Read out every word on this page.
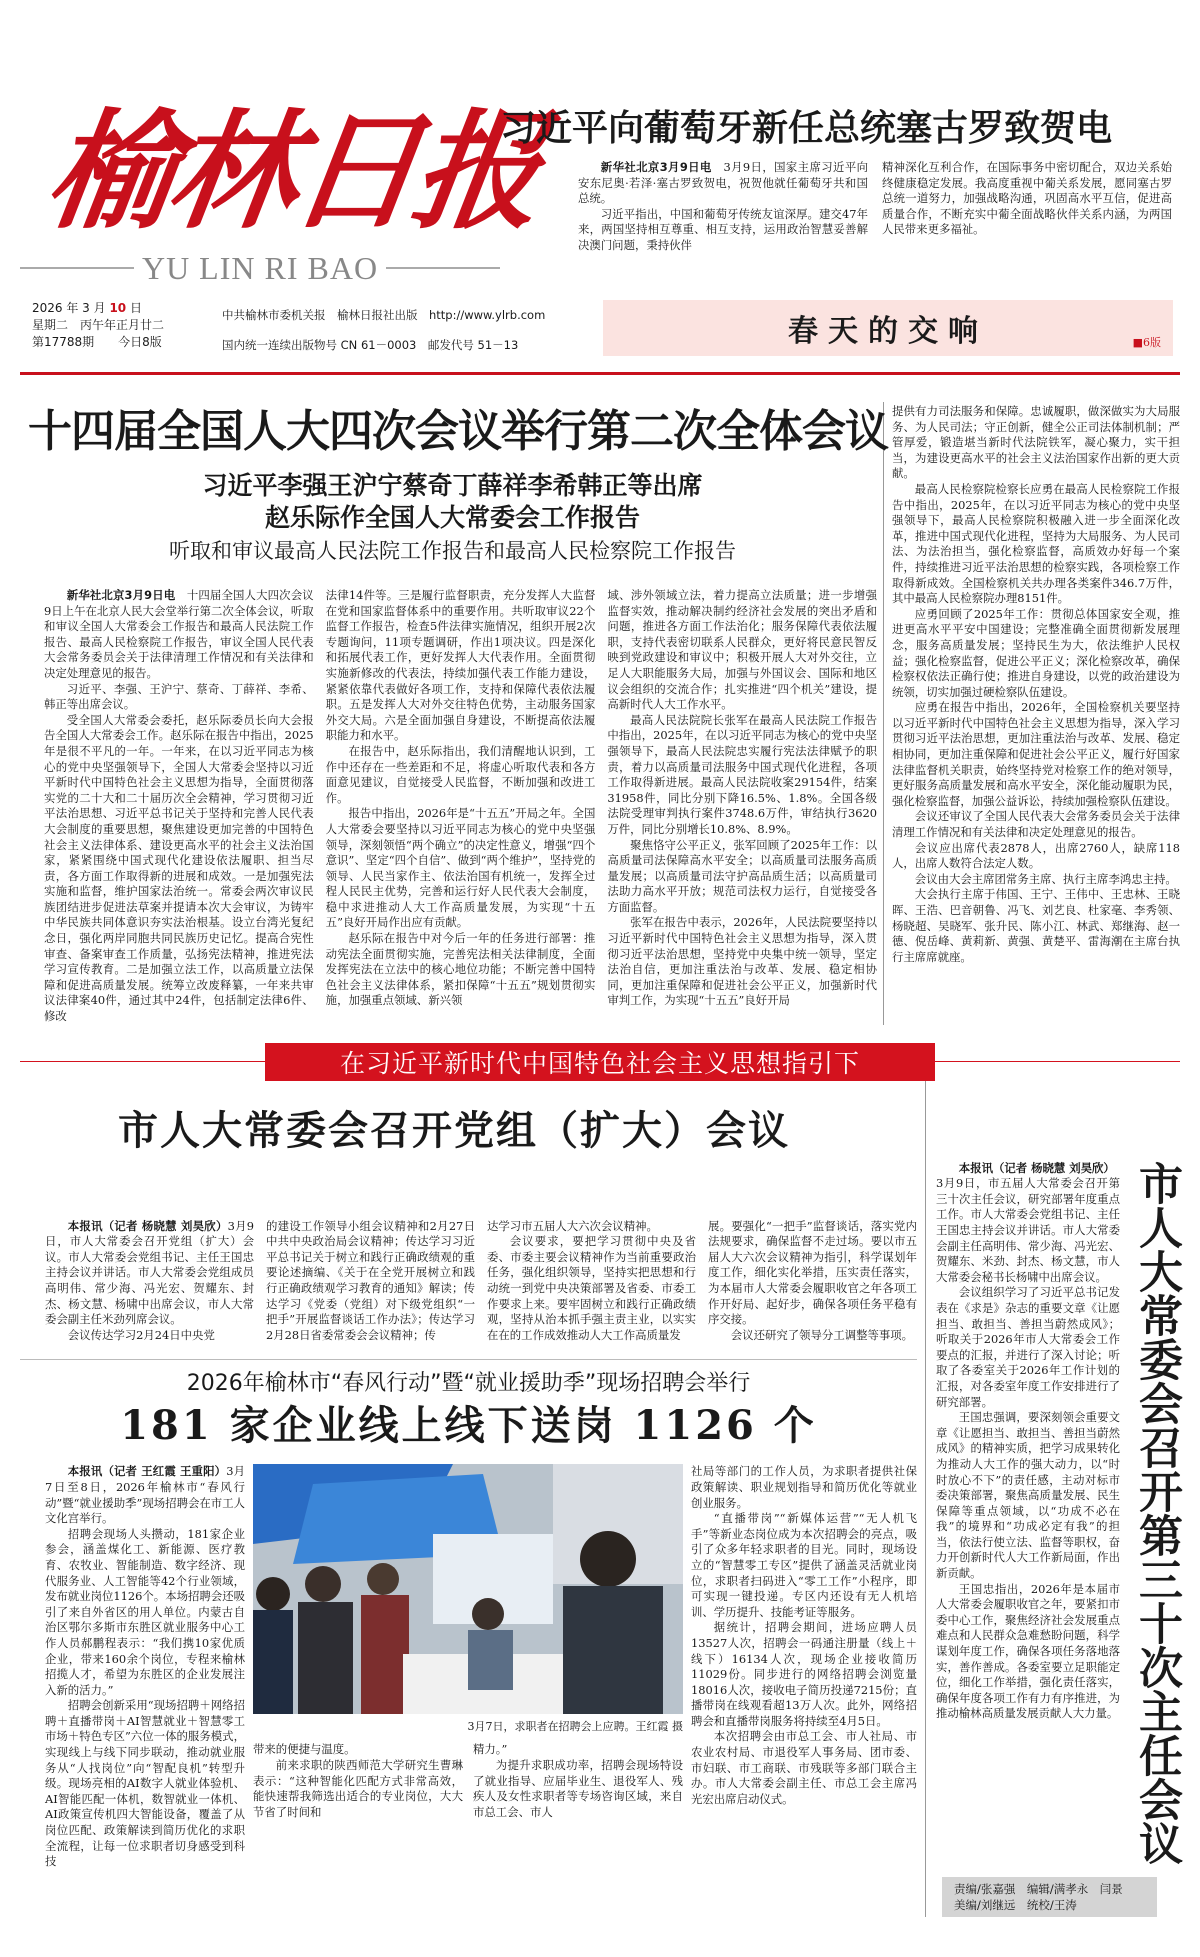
榆林日报
YU LIN RI BAO
习近平向葡萄牙新任总统塞古罗致贺电

新华社北京3月9日电　3月9日，国家主席习近平向安东尼奥·若泽·塞古罗致贺电，祝贺他就任葡萄牙共和国总统。

习近平指出，中国和葡萄牙传统友谊深厚。建交47年来，两国坚持相互尊重、相互支持，运用政治智慧妥善解决澳门问题，秉持伙伴

精神深化互利合作，在国际事务中密切配合，双边关系始终健康稳定发展。我高度重视中葡关系发展，愿同塞古罗总统一道努力，加强战略沟通，巩固高水平互信，促进高质量合作，不断充实中葡全面战略伙伴关系内涵，为两国人民带来更多福祉。

2026 年 3 月 10 日
星期二　丙午年正月廿二
第17788期　　今日8版
中共榆林市委机关报　榆林日报社出版　http://www.ylrb.com
国内统一连续出版物号 CN 61－0003　邮发代号 51－13	春天的交响	■6版
十四届全国人大四次会议举行第二次全体会议
习近平李强王沪宁蔡奇丁薛祥李希韩正等出席
赵乐际作全国人大常委会工作报告
听取和审议最高人民法院工作报告和最高人民检察院工作报告

新华社北京3月9日电　十四届全国人大四次会议9日上午在北京人民大会堂举行第二次全体会议，听取和审议全国人大常委会工作报告和最高人民法院工作报告、最高人民检察院工作报告，审议全国人民代表大会常务委员会关于法律清理工作情况和有关法律和决定处理意见的报告。

习近平、李强、王沪宁、蔡奇、丁薛祥、李希、韩正等出席会议。

受全国人大常委会委托，赵乐际委员长向大会报告全国人大常委会工作。赵乐际在报告中指出，2025年是很不平凡的一年。一年来，在以习近平同志为核心的党中央坚强领导下，全国人大常委会坚持以习近平新时代中国特色社会主义思想为指导，全面贯彻落实党的二十大和二十届历次全会精神，学习贯彻习近平法治思想、习近平总书记关于坚持和完善人民代表大会制度的重要思想，聚焦建设更加完善的中国特色社会主义法律体系、建设更高水平的社会主义法治国家，紧紧围绕中国式现代化建设依法履职、担当尽责，各方面工作取得新的进展和成效。一是加强宪法实施和监督，维护国家法治统一。常委会两次审议民族团结进步促进法草案并提请本次大会审议，为铸牢中华民族共同体意识夯实法治根基。设立台湾光复纪念日，强化两岸同胞共同民族历史记忆。提高合宪性审查、备案审查工作质量，弘扬宪法精神，推进宪法学习宣传教育。二是加强立法工作，以高质量立法保障和促进高质量发展。统筹立改废释纂，一年来共审议法律案40件，通过其中24件，包括制定法律6件、修改

法律14件等。三是履行监督职责，充分发挥人大监督在党和国家监督体系中的重要作用。共听取审议22个监督工作报告，检查5件法律实施情况，组织开展2次专题询问，11项专题调研，作出1项决议。四是深化和拓展代表工作，更好发挥人大代表作用。全面贯彻实施新修改的代表法，持续加强代表工作能力建设，紧紧依靠代表做好各项工作，支持和保障代表依法履职。五是发挥人大对外交往特色优势，主动服务国家外交大局。六是全面加强自身建设，不断提高依法履职能力和水平。

在报告中，赵乐际指出，我们清醒地认识到，工作中还存在一些差距和不足，将虚心听取代表和各方面意见建议，自觉接受人民监督，不断加强和改进工作。

报告中指出，2026年是“十五五”开局之年。全国人大常委会要坚持以习近平同志为核心的党中央坚强领导，深刻领悟“两个确立”的决定性意义，增强“四个意识”、坚定“四个自信”、做到“两个维护”，坚持党的领导、人民当家作主、依法治国有机统一，发挥全过程人民民主优势，完善和运行好人民代表大会制度，稳中求进推动人大工作高质量发展，为实现“十五五”良好开局作出应有贡献。

赵乐际在报告中对今后一年的任务进行部署：推动宪法全面贯彻实施，完善宪法相关法律制度，全面发挥宪法在立法中的核心地位功能；不断完善中国特色社会主义法律体系，紧扣保障“十五五”规划贯彻实施，加强重点领域、新兴领

域、涉外领域立法，着力提高立法质量；进一步增强监督实效，推动解决制约经济社会发展的突出矛盾和问题，推进各方面工作法治化；服务保障代表依法履职，支持代表密切联系人民群众，更好将民意民智反映到党政建设和审议中；积极开展人大对外交往，立足人大职能服务大局，加强与外国议会、国际和地区议会组织的交流合作；扎实推进“四个机关”建设，提高新时代人大工作水平。

最高人民法院院长张军在最高人民法院工作报告中指出，2025年，在以习近平同志为核心的党中央坚强领导下，最高人民法院忠实履行宪法法律赋予的职责，着力以高质量司法服务中国式现代化进程，各项工作取得新进展。最高人民法院收案29154件，结案31958件，同比分别下降16.5%、1.8%。全国各级法院受理审判执行案件3748.6万件，审结执行3620万件，同比分别增长10.8%、8.9%。

聚焦恪守公平正义，张军回顾了2025年工作：以高质量司法保障高水平安全；以高质量司法服务高质量发展；以高质量司法守护高品质生活；以高质量司法助力高水平开放；规范司法权力运行，自觉接受各方面监督。

张军在报告中表示，2026年，人民法院要坚持以习近平新时代中国特色社会主义思想为指导，深入贯彻习近平法治思想，坚持党中央集中统一领导，坚定法治自信，更加注重法治与改革、发展、稳定相协同，更加注重保障和促进社会公平正义，加强新时代审判工作，为实现“十五五”良好开局

提供有力司法服务和保障。忠诚履职，做深做实为大局服务、为人民司法；守正创新，健全公正司法体制机制；严管厚爱，锻造堪当新时代法院铁军，凝心聚力，实干担当，为建设更高水平的社会主义法治国家作出新的更大贡献。

最高人民检察院检察长应勇在最高人民检察院工作报告中指出，2025年，在以习近平同志为核心的党中央坚强领导下，最高人民检察院积极融入进一步全面深化改革，推进中国式现代化进程，坚持为大局服务、为人民司法、为法治担当，强化检察监督，高质效办好每一个案件，持续推进习近平法治思想的检察实践，各项检察工作取得新成效。全国检察机关共办理各类案件346.7万件，其中最高人民检察院办理8151件。

应勇回顾了2025年工作：贯彻总体国家安全观，推进更高水平平安中国建设；完整准确全面贯彻新发展理念，服务高质量发展；坚持民生为大，依法维护人民权益；强化检察监督，促进公平正义；深化检察改革，确保检察权依法正确行使；推进自身建设，以党的政治建设为统领，切实加强过硬检察队伍建设。

应勇在报告中指出，2026年，全国检察机关要坚持以习近平新时代中国特色社会主义思想为指导，深入学习贯彻习近平法治思想，更加注重法治与改革、发展、稳定相协同，更加注重保障和促进社会公平正义，履行好国家法律监督机关职责，始终坚持党对检察工作的绝对领导，更好服务高质量发展和高水平安全，深化能动履职为民，强化检察监督，加强公益诉讼，持续加强检察队伍建设。

会议还审议了全国人民代表大会常务委员会关于法律清理工作情况和有关法律和决定处理意见的报告。

会议应出席代表2878人，出席2760人，缺席118人，出席人数符合法定人数。

会议由大会主席团常务主席、执行主席李鸿忠主持。

大会执行主席于伟国、王宁、王伟中、王忠林、王晓晖、王浩、巴音朝鲁、冯飞、刘艺良、杜家毫、李秀领、杨晓超、吴晓军、张升民、陈小江、林武、郑继海、赵一德、倪岳峰、黄莉新、黄强、黄楚平、雷海潮在主席台执行主席席就座。

在习近平新时代中国特色社会主义思想指引下
市人大常委会召开党组（扩大）会议

本报讯（记者 杨晓慧 刘昊欣）3月9日，市人大常委会召开党组（扩大）会议。市人大常委会党组书记、主任王国忠主持会议并讲话。市人大常委会党组成员高明伟、常少海、冯光宏、贺耀东、封杰、杨文慧、杨啸中出席会议，市人大常委会副主任米劲列席会议。

会议传达学习2月24日中央党

的建设工作领导小组会议精神和2月27日中共中央政治局会议精神；传达学习习近平总书记关于树立和践行正确政绩观的重要论述摘编、《关于在全党开展树立和践行正确政绩观学习教育的通知》解读；传达学习《党委（党组）对下级党组织“一把手”开展监督谈话工作办法》；传达学习2月28日省委常委会会议精神；传

达学习市五届人大六次会议精神。

会议要求，要把学习贯彻中央及省委、市委主要会议精神作为当前重要政治任务，强化组织领导，坚持实把思想和行动统一到党中央决策部署及省委、市委工作要求上来。要牢固树立和践行正确政绩观，坚持从治本抓手强主责主业，以实实在在的工作成效推动人大工作高质量发

展。要强化“一把手”监督谈话，落实党内法规要求，确保监督不走过场。要以市五届人大六次会议精神为指引，科学谋划年度工作，细化实化举措，压实责任落实，为本届市人大常委会履职收官之年各项工作开好局、起好步，确保各项任务平稳有序交接。

会议还研究了领导分工调整等事项。

2026年榆林市“春风行动”暨“就业援助季”现场招聘会举行
181 家企业线上线下送岗 1126 个

本报讯（记者 王红霞 王重阳）3月7日至8日，2026年榆林市“春风行动”暨“就业援助季”现场招聘会在市工人文化宫举行。

招聘会现场人头攒动，181家企业参会，涵盖煤化工、新能源、医疗教育、农牧业、智能制造、数字经济、现代服务业、人工智能等42个行业领域，发布就业岗位1126个。本场招聘会还吸引了来自外省区的用人单位。内蒙古自治区鄂尔多斯市东胜区就业服务中心工作人员郝鹏程表示：“我们携10家优质企业，带来160余个岗位，专程来榆林招揽人才，希望为东胜区的企业发展注入新的活力。”

招聘会创新采用“现场招聘＋网络招聘＋直播带岗＋AI智慧就业＋智慧零工市场＋特色专区”六位一体的服务模式，实现线上与线下同步联动，推动就业服务从“人找岗位”向“智配良机”转型升级。现场亮相的AI数字人就业体验机、AI智能匹配一体机，数智就业一体机、AI政策宣传机四大智能设备，覆盖了从岗位匹配、政策解读到简历优化的求职全流程，让每一位求职者切身感受到科技

3月7日，求职者在招聘会上应聘。王红霞 摄

带来的便捷与温度。

前来求职的陕西师范大学研究生曹琳表示：“这种智能化匹配方式非常高效，能快速帮我筛选出适合的专业岗位，大大节省了时间和

精力。”

为提升求职成功率，招聘会现场特设了就业指导、应届毕业生、退役军人、残疾人及女性求职者等专场咨询区域，来自市总工会、市人

社局等部门的工作人员，为求职者提供社保政策解读、职业规划指导和简历优化等就业创业服务。

“直播带岗”“新媒体运营”“无人机飞手”等新业态岗位成为本次招聘会的亮点，吸引了众多年轻求职者的目光。同时，现场设立的“智慧零工专区”提供了涵盖灵活就业岗位，求职者扫码进入“零工工作”小程序，即可实现一键投递。专区内还设有无人机培训、学历提升、技能考证等服务。

据统计，招聘会期间，进场应聘人员13527人次，招聘会一码通注册量（线上＋线下）16134人次，现场企业接收简历11029份。同步进行的网络招聘会浏览量18016人次，接收电子简历投递7215份；直播带岗在线观看超13万人次。此外，网络招聘会和直播带岗服务将持续至4月5日。

本次招聘会由市总工会、市人社局、市农业农村局、市退役军人事务局、团市委、市妇联、市工商联、市残联等多部门联合主办。市人大常委会副主任、市总工会主席冯光宏出席启动仪式。

本报讯（记者 杨晓慧 刘昊欣）　3月9日，市五届人大常委会召开第三十次主任会议，研究部署年度重点工作。市人大常委会党组书记、主任王国忠主持会议并讲话。市人大常委会副主任高明伟、常少海、冯光宏、贺耀东、米劲、封杰、杨文慧，市人大常委会秘书长杨啸中出席会议。

会议组织学习了习近平总书记发表在《求是》杂志的重要文章《让愿担当、敢担当、善担当蔚然成风》；听取关于2026年市人大常委会工作要点的汇报，并进行了深入讨论；听取了各委室关于2026年工作计划的汇报，对各委室年度工作安排进行了研究部署。

王国忠强调，要深刻领会重要文章《让愿担当、敢担当、善担当蔚然成风》的精神实质，把学习成果转化为推动人大工作的强大动力，以“时时放心不下”的责任感，主动对标市委决策部署，聚焦高质量发展、民生保障等重点领域，以“功成不必在我”的境界和“功成必定有我”的担当，依法行使立法、监督等职权，奋力开创新时代人大工作新局面，作出新贡献。

王国忠指出，2026年是本届市人大常委会履职收官之年，要紧扣市委中心工作，聚焦经济社会发展重点难点和人民群众急难愁盼问题，科学谋划年度工作，确保各项任务落地落实，善作善成。各委室要立足职能定位，细化工作举措，强化责任落实，确保年度各项工作有力有序推进，为推动榆林高质量发展贡献人大力量。 市人大常委会召开第三十次主任会议
责编/张嘉强　编辑/满孝永　闫景
美编/刘继远　统校/王涛
